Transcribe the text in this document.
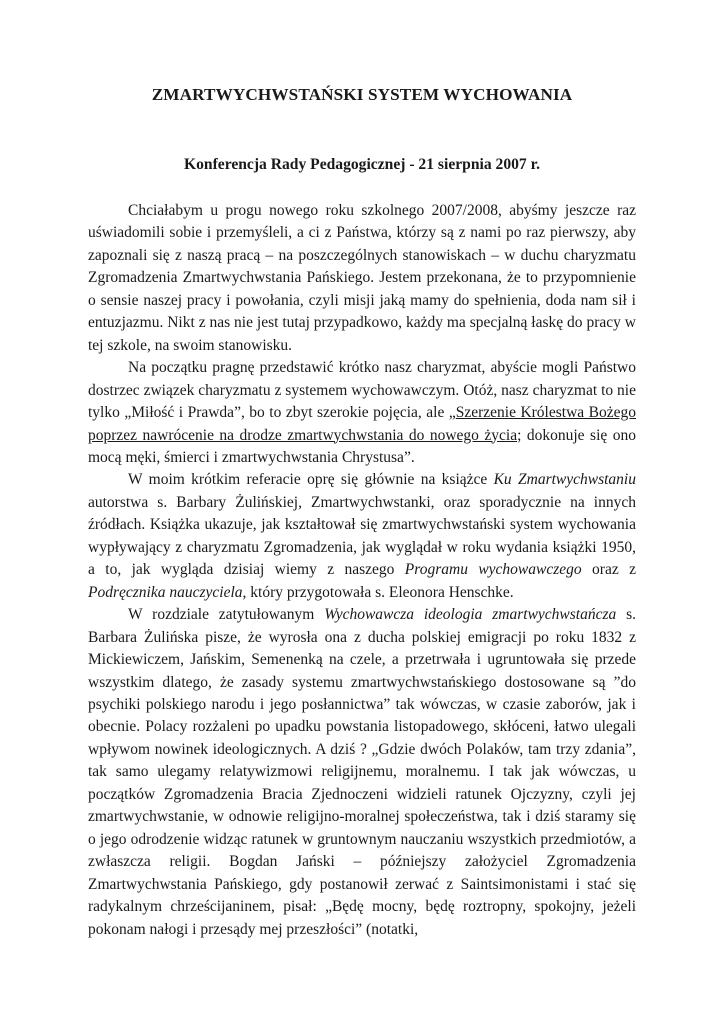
ZMARTWYCHWSTAŃSKI SYSTEM WYCHOWANIA
Konferencja Rady Pedagogicznej - 21 sierpnia 2007 r.

Chciałabym u progu nowego roku szkolnego 2007/2008, abyśmy jeszcze raz uświadomili sobie i przemyśleli, a ci z Państwa, którzy są z nami po raz pierwszy, aby zapoznali się z naszą pracą – na poszczególnych stanowiskach – w duchu charyzmatu Zgromadzenia Zmartwychwstania Pańskiego. Jestem przekonana, że to przypomnienie o sensie naszej pracy i powołania, czyli misji jaką mamy do spełnienia, doda nam sił i entuzjazmu. Nikt z nas nie jest tutaj przypadkowo, każdy ma specjalną łaskę do pracy w tej szkole, na swoim stanowisku.

Na początku pragnę przedstawić krótko nasz charyzmat, abyście mogli Państwo dostrzec związek charyzmatu z systemem wychowawczym. Otóż, nasz charyzmat to nie tylko „Miłość i Prawda”, bo to zbyt szerokie pojęcia, ale „Szerzenie Królestwa Bożego poprzez nawrócenie na drodze zmartwychwstania do nowego życia; dokonuje się ono mocą męki, śmierci i zmartwychwstania Chrystusa”.

W moim krótkim referacie oprę się głównie na książce Ku Zmartwychwstaniu autorstwa s. Barbary Żulińskiej, Zmartwychwstanki, oraz sporadycznie na innych źródłach. Książka ukazuje, jak kształtował się zmartwychwstański system wychowania wypływający z charyzmatu Zgromadzenia, jak wyglądał w roku wydania książki 1950, a to, jak wygląda dzisiaj wiemy z naszego Programu wychowawczego oraz z Podręcznika nauczyciela, który przygotowała s. Eleonora Henschke.

W rozdziale zatytułowanym Wychowawcza ideologia zmartwychwstańcza s. Barbara Żulińska pisze, że wyrosła ona z ducha polskiej emigracji po roku 1832 z Mickiewiczem, Jańskim, Semenenką na czele, a przetrwała i ugruntowała się przede wszystkim dlatego, że zasady systemu zmartwychwstańskiego dostosowane są ”do psychiki polskiego narodu i jego posłannictwa” tak wówczas, w czasie zaborów, jak i obecnie. Polacy rozżaleni po upadku powstania listopadowego, skłóceni, łatwo ulegali wpływom nowinek ideologicznych. A dziś ? „Gdzie dwóch Polaków, tam trzy zdania”, tak samo ulegamy relatywizmowi religijnemu, moralnemu. I tak jak wówczas, u początków Zgromadzenia Bracia Zjednoczeni widzieli ratunek Ojczyzny, czyli jej zmartwychwstanie, w odnowie religijno-moralnej społeczeństwa, tak i dziś staramy się o jego odrodzenie widząc ratunek w gruntownym nauczaniu wszystkich przedmiotów, a zwłaszcza religii. Bogdan Jański – późniejszy założyciel Zgromadzenia Zmartwychwstania Pańskiego, gdy postanowił zerwać z Saintsimonistami i stać się radykalnym chrześcijaninem, pisał: „Będę mocny, będę roztropny, spokojny, jeżeli pokonam nałogi i przesądy mej przeszłości” (notatki,
